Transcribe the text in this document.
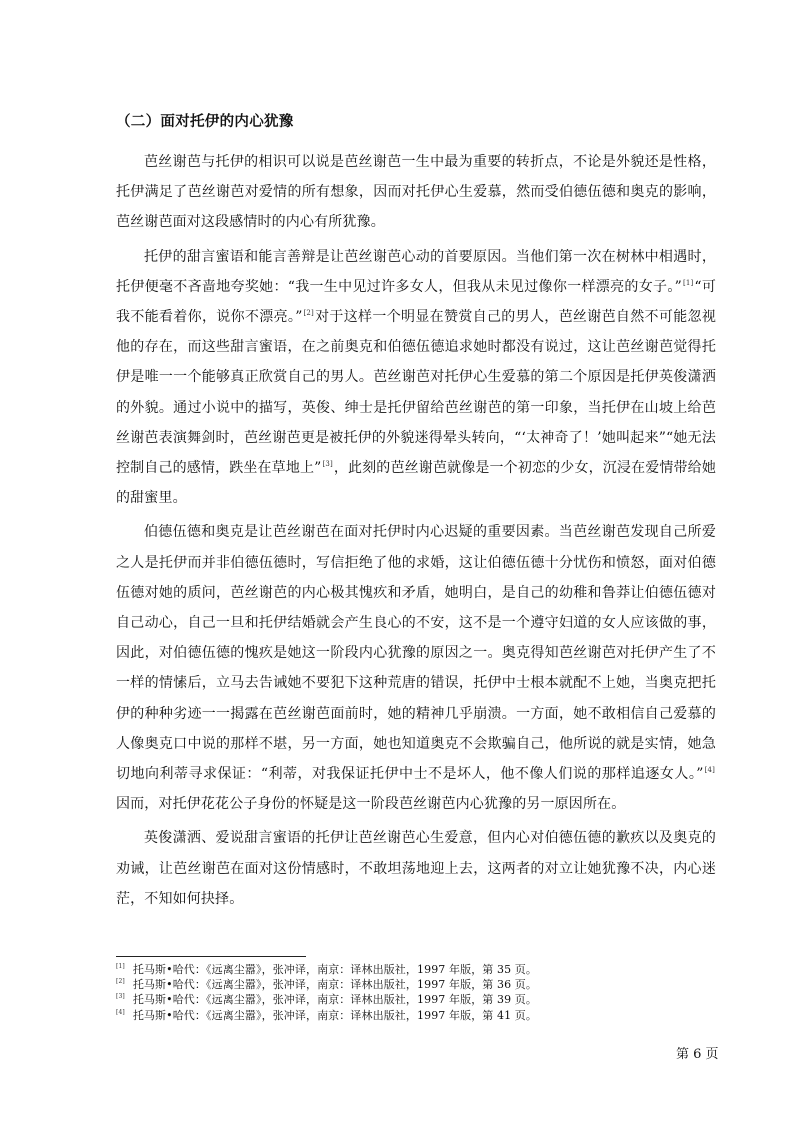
（二）面对托伊的内心犹豫

芭丝谢芭与托伊的相识可以说是芭丝谢芭一生中最为重要的转折点，不论是外貌还是性格，托伊满足了芭丝谢芭对爱情的所有想象，因而对托伊心生爱慕，然而受伯德伍德和奥克的影响，芭丝谢芭面对这段感情时的内心有所犹豫。

托伊的甜言蜜语和能言善辩是让芭丝谢芭心动的首要原因。当他们第一次在树林中相遇时，托伊便毫不吝啬地夸奖她：“我一生中见过许多女人，但我从未见过像你一样漂亮的女子。”[1]“可我不能看着你，说你不漂亮。”[2]对于这样一个明显在赞赏自己的男人，芭丝谢芭自然不可能忽视他的存在，而这些甜言蜜语，在之前奥克和伯德伍德追求她时都没有说过，这让芭丝谢芭觉得托伊是唯一一个能够真正欣赏自己的男人。芭丝谢芭对托伊心生爱慕的第二个原因是托伊英俊潇洒的外貌。通过小说中的描写，英俊、绅士是托伊留给芭丝谢芭的第一印象，当托伊在山坡上给芭丝谢芭表演舞剑时，芭丝谢芭更是被托伊的外貌迷得晕头转向，“‘太神奇了！’她叫起来”“她无法控制自己的感情，跌坐在草地上”[3]，此刻的芭丝谢芭就像是一个初恋的少女，沉浸在爱情带给她的甜蜜里。

伯德伍德和奥克是让芭丝谢芭在面对托伊时内心迟疑的重要因素。当芭丝谢芭发现自己所爱之人是托伊而并非伯德伍德时，写信拒绝了他的求婚，这让伯德伍德十分忧伤和愤怒，面对伯德伍德对她的质问，芭丝谢芭的内心极其愧疚和矛盾，她明白，是自己的幼稚和鲁莽让伯德伍德对自己动心，自己一旦和托伊结婚就会产生良心的不安，这不是一个遵守妇道的女人应该做的事，因此，对伯德伍德的愧疚是她这一阶段内心犹豫的原因之一。奥克得知芭丝谢芭对托伊产生了不一样的情愫后，立马去告诫她不要犯下这种荒唐的错误，托伊中士根本就配不上她，当奥克把托伊的种种劣迹一一揭露在芭丝谢芭面前时，她的精神几乎崩溃。一方面，她不敢相信自己爱慕的人像奥克口中说的那样不堪，另一方面，她也知道奥克不会欺骗自己，他所说的就是实情，她急切地向利蒂寻求保证：“利蒂，对我保证托伊中士不是坏人，他不像人们说的那样追逐女人。”[4]因而，对托伊花花公子身份的怀疑是这一阶段芭丝谢芭内心犹豫的另一原因所在。

英俊潇洒、爱说甜言蜜语的托伊让芭丝谢芭心生爱意，但内心对伯德伍德的歉疚以及奥克的劝诫，让芭丝谢芭在面对这份情感时，不敢坦荡地迎上去，这两者的对立让她犹豫不决，内心迷茫，不知如何抉择。

[1] 托马斯•哈代：《远离尘嚣》，张冲译，南京：译林出版社，1997 年版，第 35 页。

[2] 托马斯•哈代：《远离尘嚣》，张冲译，南京：译林出版社，1997 年版，第 36 页。

[3] 托马斯•哈代：《远离尘嚣》，张冲译，南京：译林出版社，1997 年版，第 39 页。

[4] 托马斯•哈代：《远离尘嚣》，张冲译，南京：译林出版社，1997 年版，第 41 页。

第 6 页
